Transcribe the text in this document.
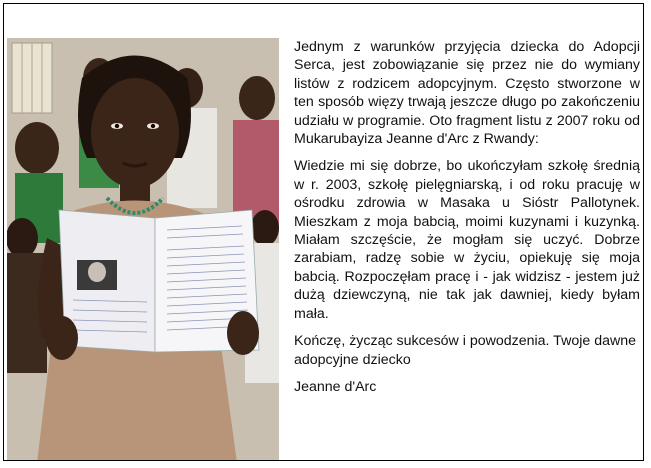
Jednym z warunków przyjęcia dziecka do Adopcji Serca, jest zobowiązanie się przez nie do wymiany listów z rodzicem adopcyjnym. Często stworzone w ten sposób więzy trwają jeszcze długo po zakończeniu udziału w programie. Oto fragment listu z 2007 roku od Mukarubayiza Jeanne d'Arc z Rwandy:

Wiedzie mi się dobrze, bo ukończyłam szkołę średnią w r. 2003, szkołę pielęgniarską, i od roku pracuję w ośrodku zdrowia w Masaka u Sióstr Pallotynek. Mieszkam z moja babcią, moimi kuzynami i kuzynką. Miałam szczęście, że mogłam się uczyć. Dobrze zarabiam, radzę sobie w życiu, opiekuję się moja babcią. Rozpoczęłam pracę i - jak widzisz - jestem już dużą dziewczyną, nie tak jak dawniej, kiedy byłam mała.

Kończę, życząc sukcesów i powodzenia. Twoje dawne adopcyjne dziecko

Jeanne d'Arc
